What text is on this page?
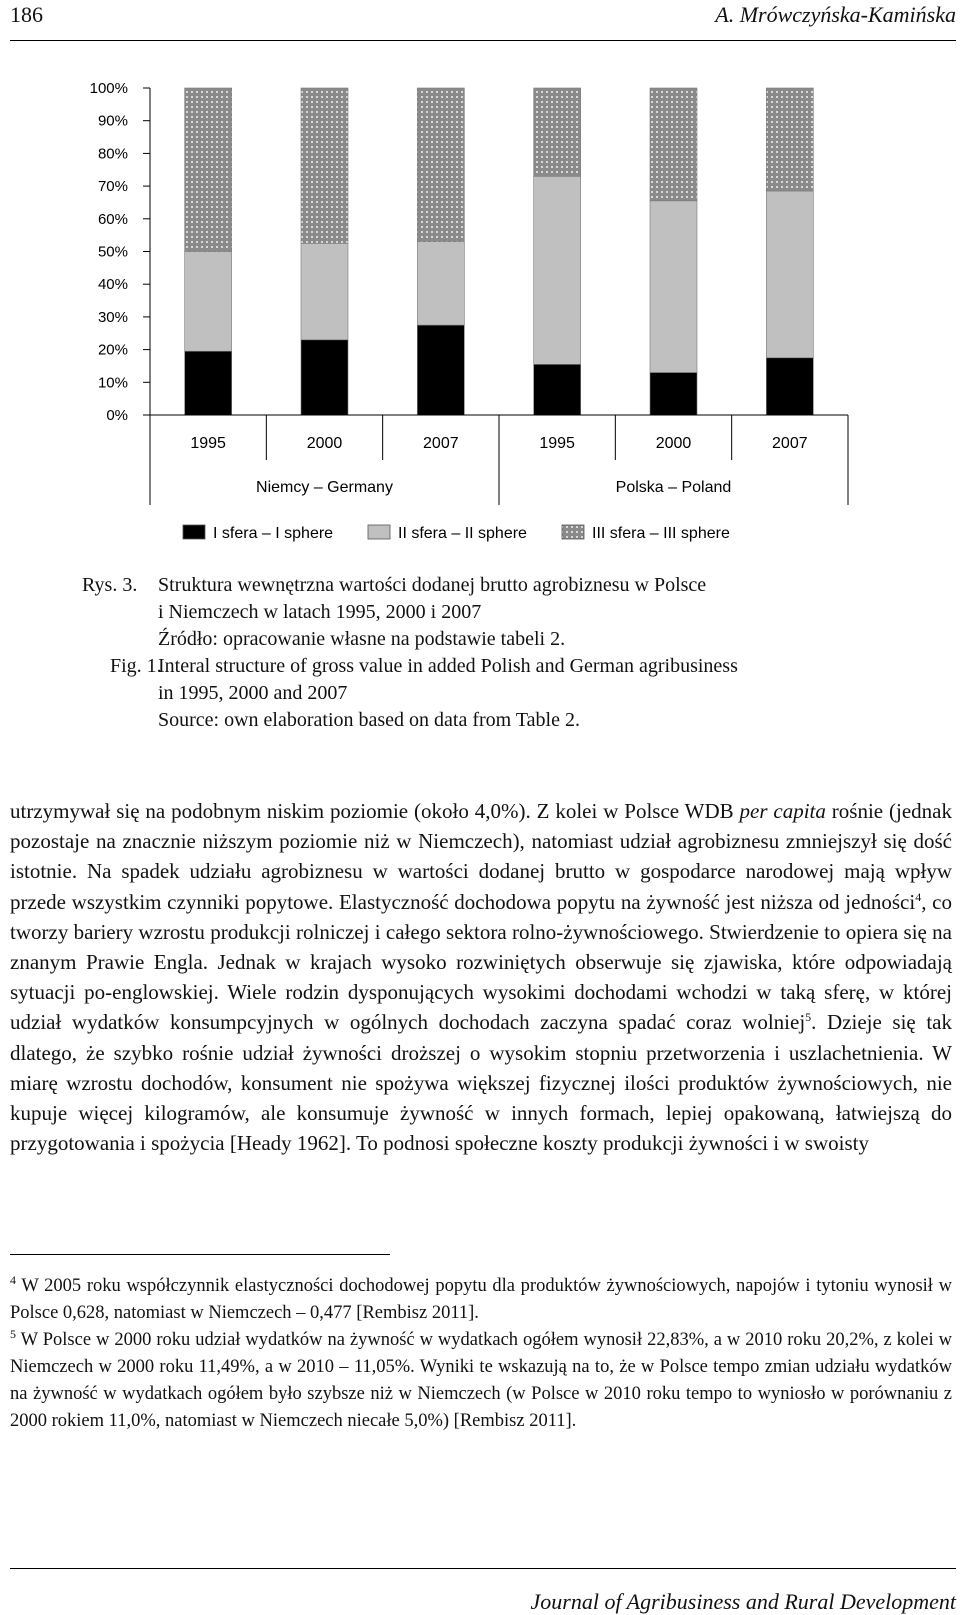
186	A. Mrówczyńska-Kamińska
0%
10%
20%
30%
40%
50%
60%
70%
80%
90%
100%
1995	2000	2007	1995	2000	2007
Niemcy – Germany	Polska – Poland
I sfera – I sphere	II sfera – II sphere	III sfera – III sphere
Rys. 3. Struktura wewnętrzna wartości dodanej brutto agrobiznesu w Polsce
i Niemczech w latach 1995, 2000 i 2007
Źródło: opracowanie własne na podstawie tabeli 2.
Fig. 1.
Interal structure of gross value in added Polish and German agribusiness
in 1995, 2000 and 2007
Source: own elaboration based on data from Table 2.

utrzymywał się na podobnym niskim poziomie (około 4,0%). Z kolei w Polsce WDB per capita rośnie (jednak pozostaje na znacznie niższym poziomie niż w Niemczech), natomiast udział agrobiznesu zmniejszył się dość istotnie. Na spadek udziału agrobiznesu w wartości dodanej brutto w gospodarce narodowej mają wpływ przede wszystkim czynniki popytowe. Elastyczność dochodowa popytu na żywność jest niższa od jedności$^4$, co tworzy bariery wzrostu produkcji rolniczej i całego sektora rolno-żywnościowego. Stwierdzenie to opiera się na znanym Prawie Engla. Jednak w krajach wysoko rozwiniętych obserwuje się zjawiska, które odpowiadają sytuacji po-englowskiej. Wiele rodzin dysponujących wysokimi dochodami wchodzi w taką sferę, w której udział wydatków konsumpcyjnych w ogólnych dochodach zaczyna spadać coraz wolniej$^5$. Dzieje się tak dlatego, że szybko rośnie udział żywności droższej o wysokim stopniu przetworzenia i uszlachetnienia. W miarę wzrostu dochodów, konsument nie spożywa większej fizycznej ilości produktów żywnościowych, nie kupuje więcej kilogramów, ale konsumuje żywność w innych formach, lepiej opakowaną, łatwiejszą do przygotowania i spożycia [Heady 1962]. To podnosi społeczne koszty produkcji żywności i w swoisty

$^4$ W 2005 roku współczynnik elastyczności dochodowej popytu dla produktów żywnościowych, napojów i tytoniu wynosił w Polsce 0,628, natomiast w Niemczech – 0,477 [Rembisz 2011].

$^5$ W Polsce w 2000 roku udział wydatków na żywność w wydatkach ogółem wynosił 22,83%, a w 2010 roku 20,2%, z kolei w Niemczech w 2000 roku 11,49%, a w 2010 – 11,05%. Wyniki te wskazują na to, że w Polsce tempo zmian udziału wydatków na żywność w wydatkach ogółem było szybsze niż w Niemczech (w Polsce w 2010 roku tempo to wyniosło w porównaniu z 2000 rokiem 11,0%, natomiast w Niemczech niecałe 5,0%) [Rembisz 2011].

Journal of Agribusiness and Rural Development
